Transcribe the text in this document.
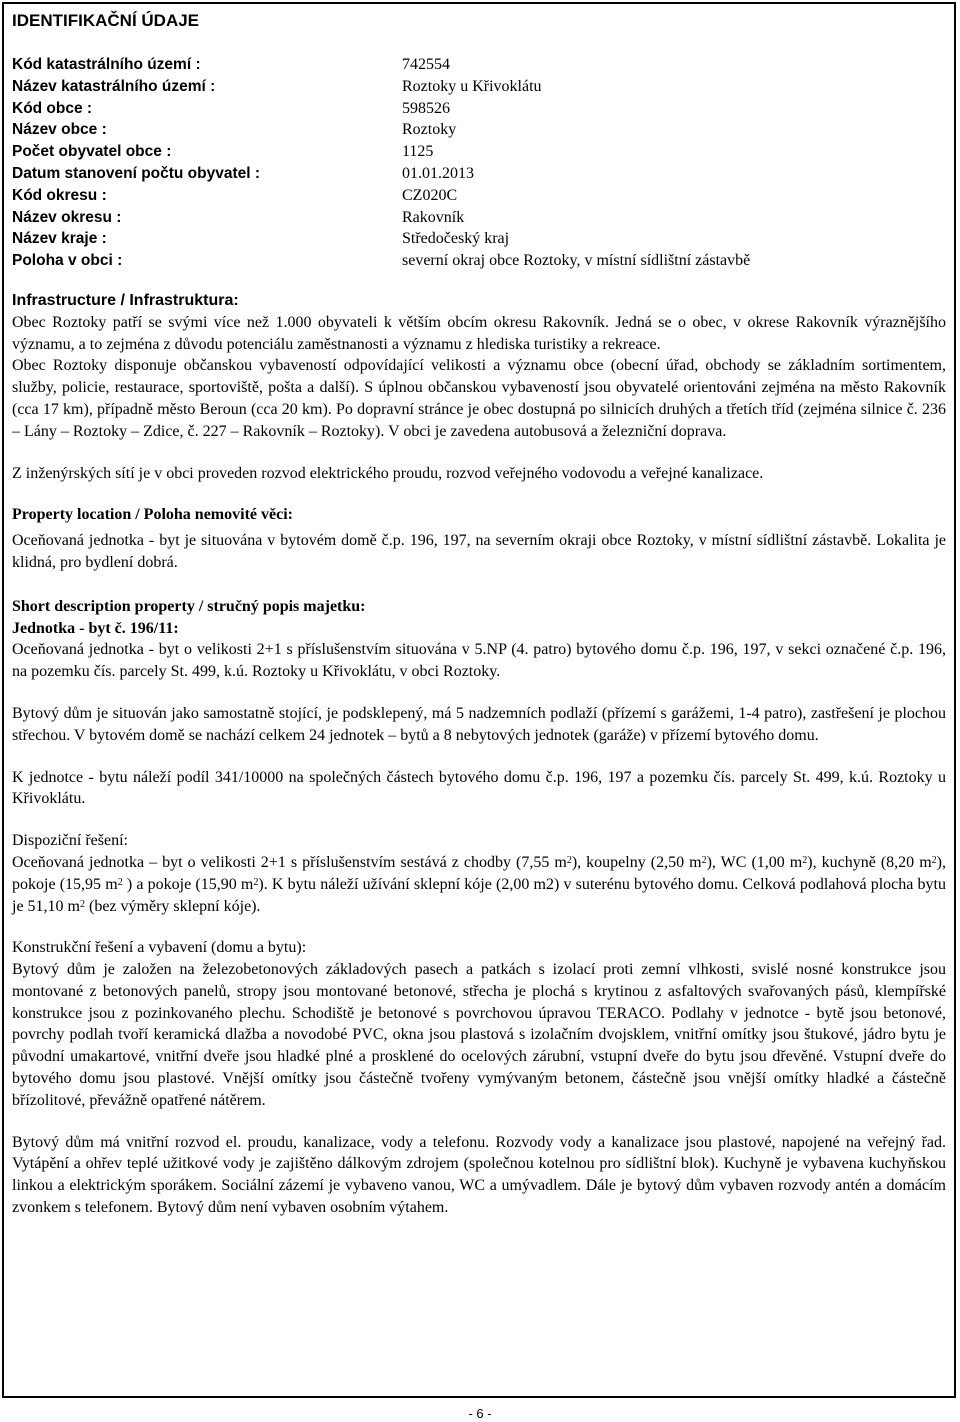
IDENTIFIKAČNÍ ÚDAJE

Kód katastrálního území :	742554
Název katastrálního území :	Roztoky u Křivoklátu
Kód obce :	598526
Název obce :	Roztoky
Počet obyvatel obce :	1125
Datum stanovení počtu obyvatel :	01.01.2013
Kód okresu :	CZ020C
Název okresu :	Rakovník
Název kraje :	Středočeský kraj
Poloha v obci :	severní okraj obce Roztoky, v místní sídlištní zástavbě

Infrastructure / Infrastruktura:

Obec Roztoky patří se svými více než 1.000 obyvateli k větším obcím okresu Rakovník. Jedná se o obec, v okrese Rakovník výraznějšího významu, a to zejména z důvodu potenciálu zaměstnanosti a významu z hlediska turistiky a rekreace.

Obec Roztoky disponuje občanskou vybaveností odpovídající velikosti a významu obce (obecní úřad, obchody se základním sortimentem, služby, policie, restaurace, sportoviště, pošta a další). S úplnou občanskou vybaveností jsou obyvatelé orientováni zejména na město Rakovník (cca 17 km), případně město Beroun (cca 20 km). Po dopravní stránce je obec dostupná po silnicích druhých a třetích tříd (zejména silnice č. 236 – Lány – Roztoky – Zdice, č. 227 – Rakovník – Roztoky). V obci je zavedena autobusová a železniční doprava.

Z inženýrských sítí je v obci proveden rozvod elektrického proudu, rozvod veřejného vodovodu a veřejné kanalizace.

Property location / Poloha nemovité věci:

Oceňovaná jednotka - byt je situována v bytovém domě č.p. 196, 197, na severním okraji obce Roztoky, v místní sídlištní zástavbě. Lokalita je klidná, pro bydlení dobrá.

Short description property / stručný popis majetku:

Jednotka - byt č. 196/11:

Oceňovaná jednotka - byt o velikosti 2+1 s příslušenstvím situována v 5.NP (4. patro) bytového domu č.p. 196, 197, v sekci označené č.p. 196, na pozemku čís. parcely St. 499, k.ú. Roztoky u Křivoklátu, v obci Roztoky.

Bytový dům je situován jako samostatně stojící, je podsklepený, má 5 nadzemních podlaží (přízemí s garážemi, 1-4 patro), zastřešení je plochou střechou. V bytovém domě se nachází celkem 24 jednotek – bytů a 8 nebytových jednotek (garáže) v přízemí bytového domu.

K jednotce - bytu náleží podíl 341/10000 na společných částech bytového domu č.p. 196, 197 a pozemku čís. parcely St. 499, k.ú. Roztoky u Křivoklátu.

Dispoziční řešení:

Oceňovaná jednotka – byt o velikosti 2+1 s příslušenstvím sestává z chodby (7,55 $m^2$), koupelny (2,50 $m^2$), WC (1,00 $m^2$), kuchyně (8,20 $m^2$), pokoje (15,95 $m^2$ ) a pokoje (15,90 $m^2$). K bytu náleží užívání sklepní kóje (2,00 m2) v suterénu bytového domu. Celková podlahová plocha bytu je 51,10 $m^2$ (bez výměry sklepní kóje).

Konstrukční řešení a vybavení (domu a bytu):

Bytový dům je založen na železobetonových základových pasech a patkách s izolací proti zemní vlhkosti, svislé nosné konstrukce jsou montované z betonových panelů, stropy jsou montované betonové, střecha je plochá s krytinou z asfaltových svařovaných pásů, klempířské konstrukce jsou z pozinkovaného plechu. Schodiště je betonové s povrchovou úpravou TERACO. Podlahy v jednotce - bytě jsou betonové, povrchy podlah tvoří keramická dlažba a novodobé PVC, okna jsou plastová s izolačním dvojsklem, vnitřní omítky jsou štukové, jádro bytu je původní umakartové, vnitřní dveře jsou hladké plné a prosklené do ocelových zárubní, vstupní dveře do bytu jsou dřevěné. Vstupní dveře do bytového domu jsou plastové. Vnější omítky jsou částečně tvořeny vymývaným betonem, částečně jsou vnější omítky hladké a částečně břízolitové, převážně opatřené nátěrem.

Bytový dům má vnitřní rozvod el. proudu, kanalizace, vody a telefonu. Rozvody vody a kanalizace jsou plastové, napojené na veřejný řad. Vytápění a ohřev teplé užitkové vody je zajištěno dálkovým zdrojem (společnou kotelnou pro sídlištní blok). Kuchyně je vybavena kuchyňskou linkou a elektrickým sporákem. Sociální zázemí je vybaveno vanou, WC a umývadlem. Dále je bytový dům vybaven rozvody antén a domácím zvonkem s telefonem. Bytový dům není vybaven osobním výtahem.

- 6 -
